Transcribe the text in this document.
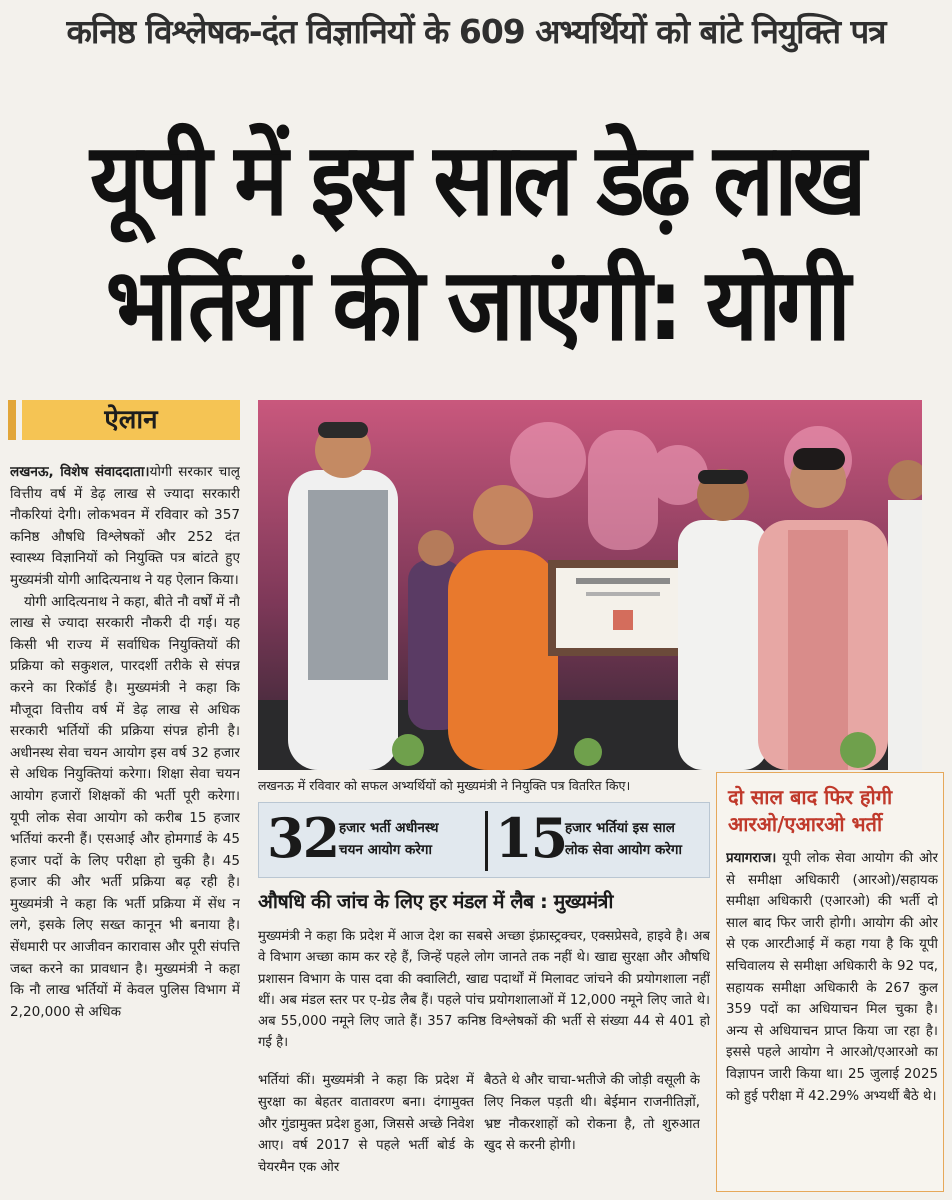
कनिष्ठ विश्लेषक-दंत विज्ञानियों के 609 अभ्यर्थियों को बांटे नियुक्ति पत्र
यूपी में इस साल डेढ़ लाख
भर्तियां की जाएंगी: योगी
ऐलान

लखनऊ, विशेष संवाददाता।योगी सरकार चालू वित्तीय वर्ष में डेढ़ लाख से ज्यादा सरकारी नौकरियां देगी। लोकभवन में रविवार को 357 कनिष्ठ औषधि विश्लेषकों और 252 दंत स्वास्थ्य विज्ञानियों को नियुक्ति पत्र बांटते हुए मुख्यमंत्री योगी आदित्यनाथ ने यह ऐलान किया।

योगी आदित्यनाथ ने कहा, बीते नौ वर्षों में नौ लाख से ज्यादा सरकारी नौकरी दी गई। यह किसी भी राज्य में सर्वाधिक नियुक्तियों की प्रक्रिया को सकुशल, पारदर्शी तरीके से संपन्न करने का रिकॉर्ड है। मुख्यमंत्री ने कहा कि मौजूदा वित्तीय वर्ष में डेढ़ लाख से अधिक सरकारी भर्तियों की प्रक्रिया संपन्न होनी है। अधीनस्थ सेवा चयन आयोग इस वर्ष 32 हजार से अधिक नियुक्तियां करेगा। शिक्षा सेवा चयन आयोग हजारों शिक्षकों की भर्ती पूरी करेगा। यूपी लोक सेवा आयोग को करीब 15 हजार भर्तियां करनी हैं। एसआई और होमगार्ड के 45 हजार पदों के लिए परीक्षा हो चुकी है। 45 हजार की और भर्ती प्रक्रिया बढ़ रही है। मुख्यमंत्री ने कहा कि भर्ती प्रक्रिया में सेंध न लगे, इसके लिए सख्त कानून भी बनाया है। सेंधमारी पर आजीवन कारावास और पूरी संपत्ति जब्त करने का प्रावधान है। मुख्यमंत्री ने कहा कि नौ लाख भर्तियों में केवल पुलिस विभाग में 2,20,000 से अधिक

लखनऊ में रविवार को सफल अभ्यर्थियों को मुख्यमंत्री ने नियुक्ति पत्र वितरित किए।
32 हजार भर्ती अधीनस्थ
चयन आयोग करेगा 15
हजार भर्तियां इस साल
लोक सेवा आयोग करेगा
औषधि की जांच के लिए हर मंडल में लैब : मुख्यमंत्री
मुख्यमंत्री ने कहा कि प्रदेश में आज देश का सबसे अच्छा इंफ्रास्ट्रक्चर, एक्सप्रेसवे, हाइवे है। अब वे विभाग अच्छा काम कर रहे हैं, जिन्हें पहले लोग जानते तक नहीं थे। खाद्य सुरक्षा और औषधि प्रशासन विभाग के पास दवा की क्वालिटी, खाद्य पदार्थों में मिलावट जांचने की प्रयोगशाला नहीं थीं। अब मंडल स्तर पर ए-ग्रेड लैब हैं। पहले पांच प्रयोगशालाओं में 12,000 नमूने लिए जाते थे। अब 55,000 नमूने लिए जाते हैं। 357 कनिष्ठ विश्लेषकों की भर्ती से संख्या 44 से 401 हो गई है।
भर्तियां कीं। मुख्यमंत्री ने कहा कि प्रदेश में सुरक्षा का बेहतर वातावरण बना। दंगामुक्त और गुंडामुक्त प्रदेश हुआ, जिससे अच्छे निवेश आए। वर्ष 2017 से पहले भर्ती बोर्ड के चेयरमैन एक ओर
बैठते थे और चाचा-भतीजे की जोड़ी वसूली के लिए निकल पड़ती थी। बेईमान राजनीतिज्ञों, भ्रष्ट नौकरशाहों को रोकना है, तो शुरुआत खुद से करनी होगी।
दो साल बाद फिर होगी आरओ/एआरओ भर्ती
प्रयागराज। यूपी लोक सेवा आयोग की ओर से समीक्षा अधिकारी (आरओ)/सहायक समीक्षा अधिकारी (एआरओ) की भर्ती दो साल बाद फिर जारी होगी। आयोग की ओर से एक आरटीआई में कहा गया है कि यूपी सचिवालय से समीक्षा अधिकारी के 92 पद, सहायक समीक्षा अधिकारी के 267 कुल 359 पदों का अधियाचन मिल चुका है। अन्य से अधियाचन प्राप्त किया जा रहा है। इससे पहले आयोग ने आरओ/एआरओ का विज्ञापन जारी किया था। 25 जुलाई 2025 को हुई परीक्षा में 42.29% अभ्यर्थी बैठे थे।
